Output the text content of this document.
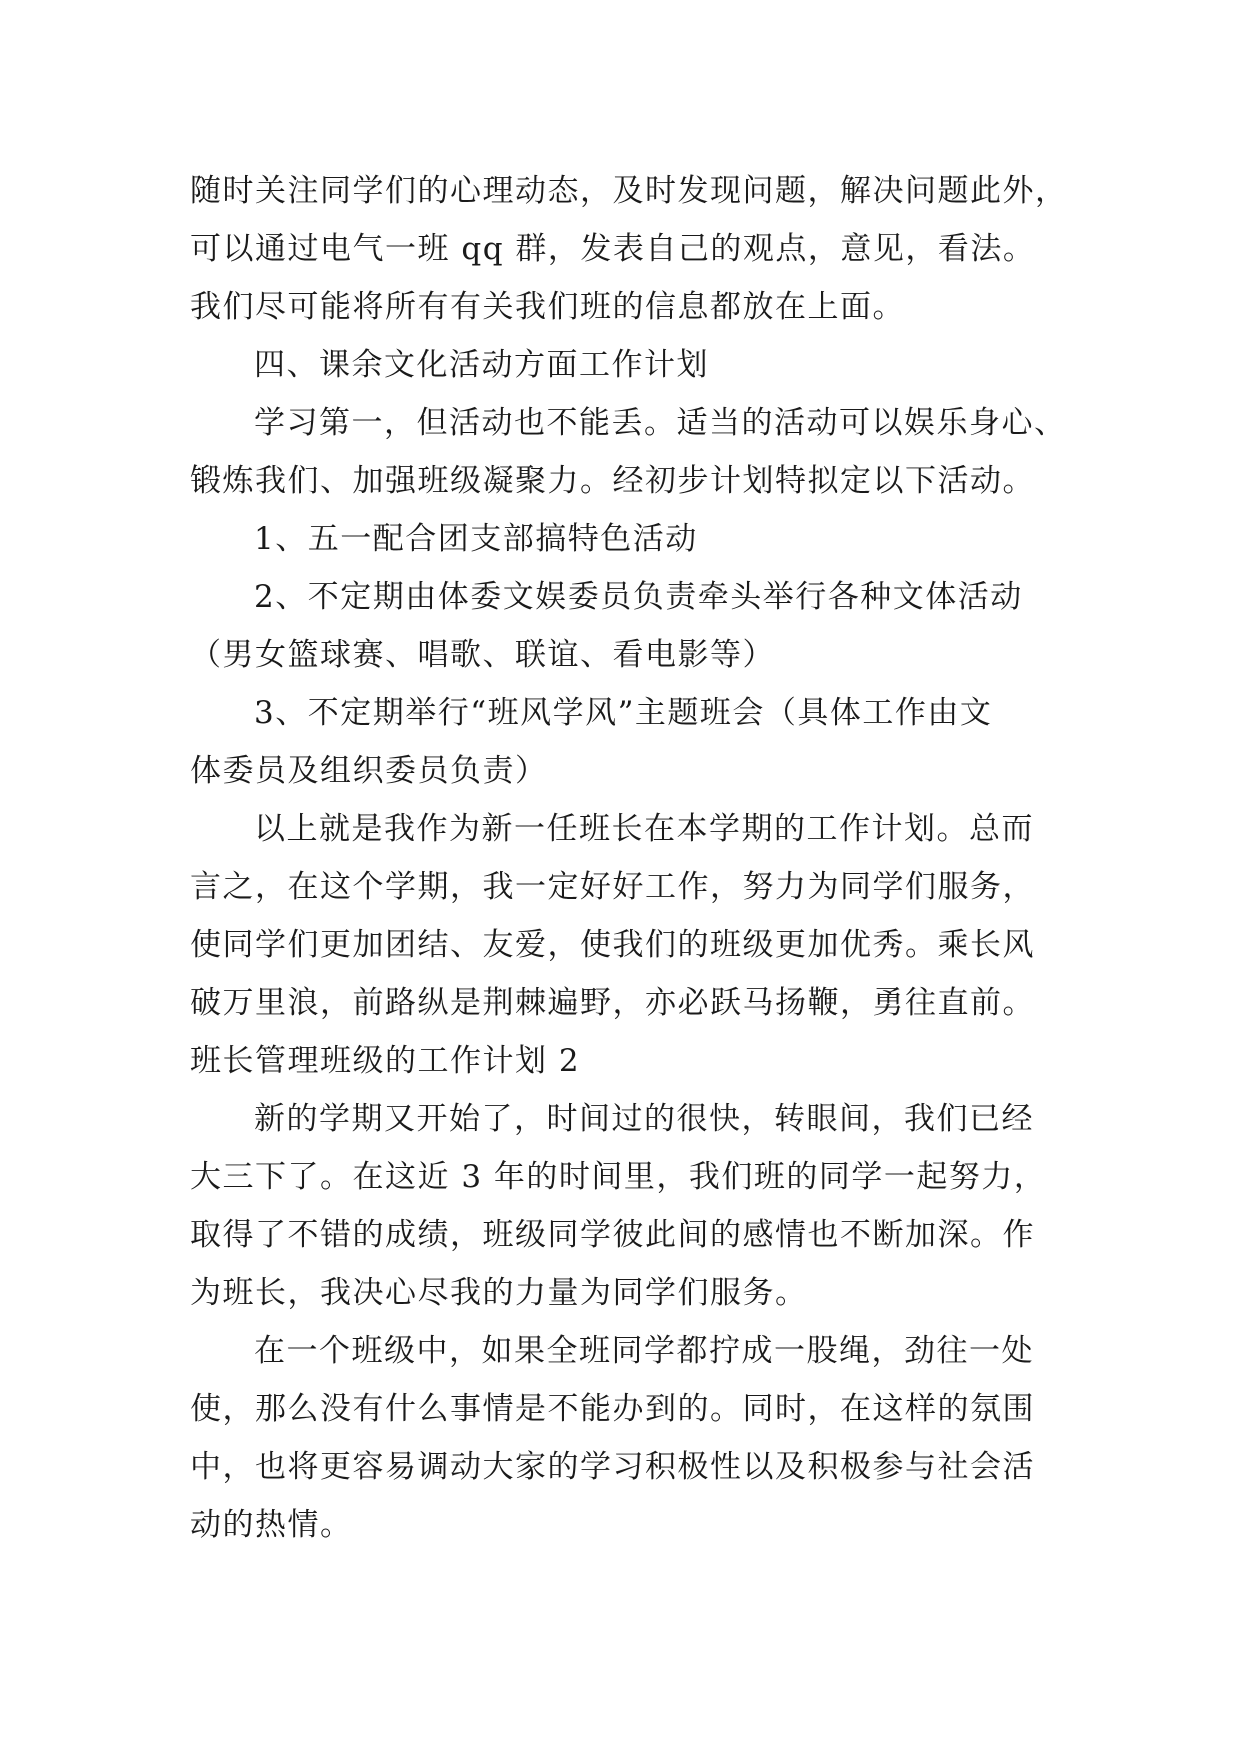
随时关注同学们的心理动态，及时发现问题，解决问题此外，
可以通过电气一班 qq 群，发表自己的观点，意见，看法。
我们尽可能将所有有关我们班的信息都放在上面。
四、课余文化活动方面工作计划
学习第一，但活动也不能丢。适当的活动可以娱乐身心、
锻炼我们、加强班级凝聚力。经初步计划特拟定以下活动。
1、五一配合团支部搞特色活动
2、不定期由体委文娱委员负责牵头举行各种文体活动
（男女篮球赛、唱歌、联谊、看电影等）
3、不定期举行“班风学风”主题班会（具体工作由文
体委员及组织委员负责）
以上就是我作为新一任班长在本学期的工作计划。总而
言之，在这个学期，我一定好好工作，努力为同学们服务，
使同学们更加团结、友爱，使我们的班级更加优秀。乘长风
破万里浪，前路纵是荆棘遍野，亦必跃马扬鞭，勇往直前。
班长管理班级的工作计划 2
新的学期又开始了，时间过的很快，转眼间，我们已经
大三下了。在这近 3 年的时间里，我们班的同学一起努力，
取得了不错的成绩，班级同学彼此间的感情也不断加深。作
为班长，我决心尽我的力量为同学们服务。
在一个班级中，如果全班同学都拧成一股绳，劲往一处
使，那么没有什么事情是不能办到的。同时，在这样的氛围
中，也将更容易调动大家的学习积极性以及积极参与社会活
动的热情。
